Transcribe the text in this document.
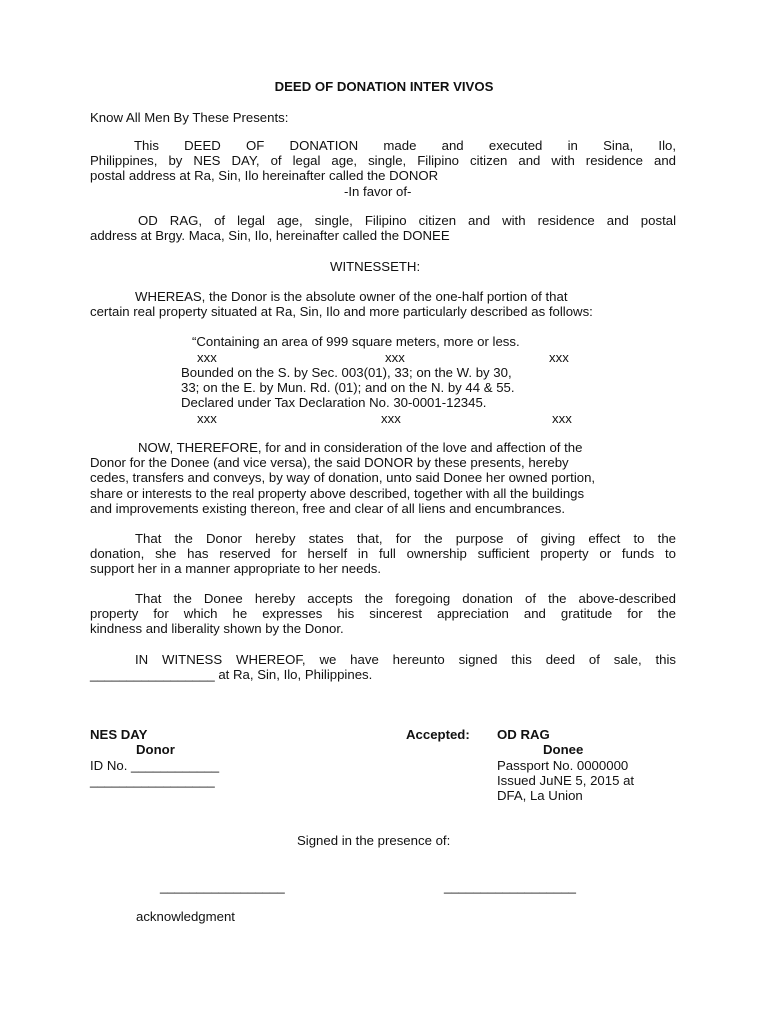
DEED OF DONATION INTER VIVOS
Know All Men By These Presents:
This DEED OF DONATION made and executed in Sina, Ilo,
Philippines, by NES DAY, of legal age, single, Filipino citizen and with residence and
postal address at Ra, Sin, Ilo hereinafter called the DONOR
-In favor of-
OD RAG, of legal age, single, Filipino citizen and with residence and postal
address at Brgy. Maca, Sin, Ilo, hereinafter called the DONEE
WITNESSETH:
WHEREAS, the Donor is the absolute owner of the one-half portion of that
certain real property situated at Ra, Sin, Ilo and more particularly described as follows:
“Containing an area of 999 square meters, more or less.
xxx	xxx	xxx
Bounded on the S. by Sec. 003(01), 33; on the W. by 30,
33; on the E. by Mun. Rd. (01); and on the N. by 44 & 55.
Declared under Tax Declaration No. 30-0001-12345.
xxx	xxx	xxx
NOW, THEREFORE, for and in consideration of the love and affection of the
Donor for the Donee (and vice versa), the said DONOR by these presents, hereby
cedes, transfers and conveys, by way of donation, unto said Donee her owned portion,
share or interests to the real property above described, together with all the buildings
and improvements existing thereon, free and clear of all liens and encumbrances.
That the Donor hereby states that, for the purpose of giving effect to the
donation, she has reserved for herself in full ownership sufficient property or funds to
support her in a manner appropriate to her needs.
That the Donee hereby accepts the foregoing donation of the above-described
property for which he expresses his sincerest appreciation and gratitude for the
kindness and liberality shown by the Donor.
IN WITNESS WHEREOF, we have hereunto signed this deed of sale, this
_________________ at Ra, Sin, Ilo, Philippines.
NES DAY
Donor
ID No. ____________
_________________
Accepted: OD RAG
Donee
Passport No. 0000000
Issued JuNE 5, 2015 at
DFA, La Union
Signed in the presence of:
_________________	__________________
acknowledgment
